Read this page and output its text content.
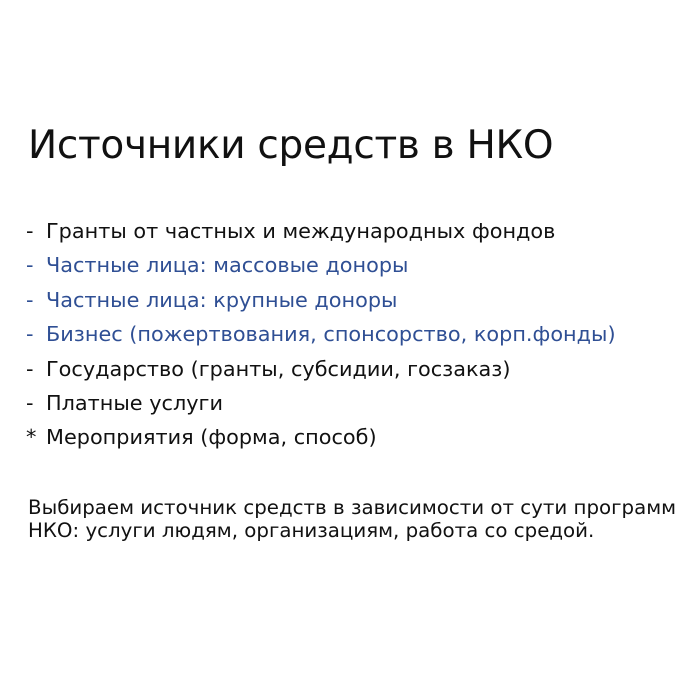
Источники средств в НКО
- Гранты от частных и международных фондов
- Частные лица: массовые доноры
- Частные лица: крупные доноры
- Бизнес (пожертвования, спонсорство, корп.фонды)
- Государство (гранты, субсидии, госзаказ)
- Платные услуги
* Мероприятия (форма, способ)

Выбираем источник средств в зависимости от сути программ НКО: услуги людям, организациям, работа со средой.
